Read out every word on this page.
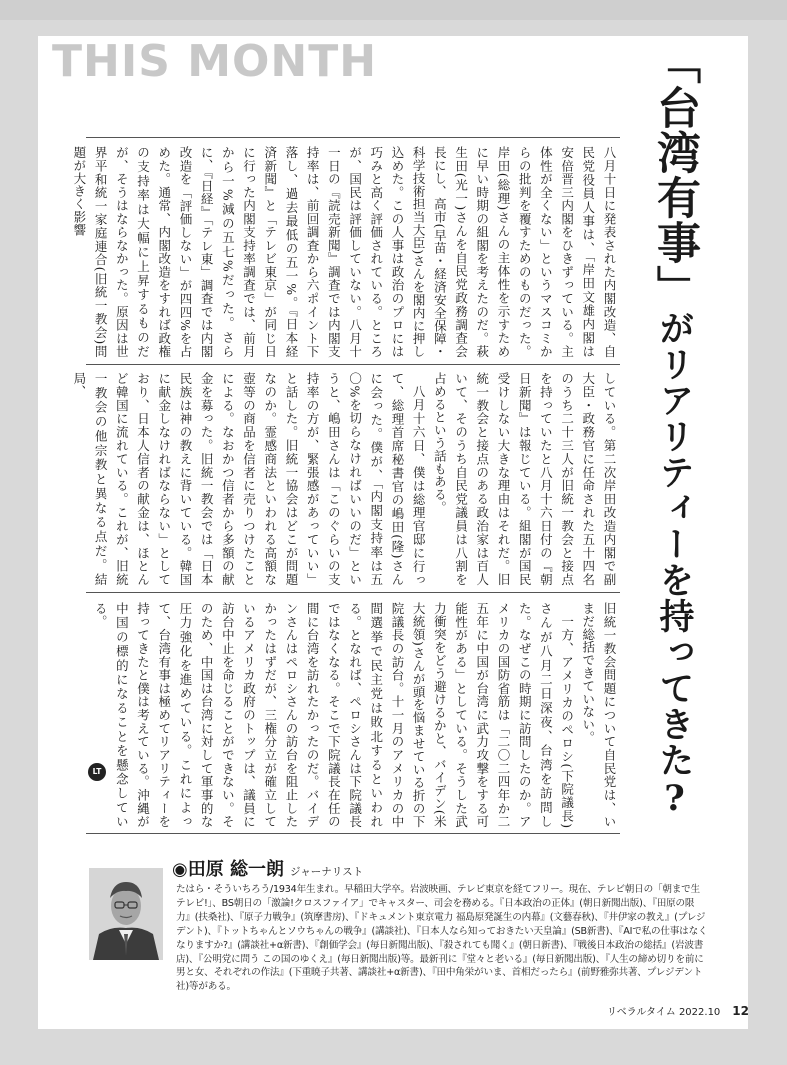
THIS MONTH	「台湾有事」がリアリティーを持ってきた?
八月十日に発表された内閣改造、自民党役員人事は、「岸田文雄内閣は安倍晋三内閣をひきずっている。主体性が全くない」というマスコミからの批判を覆すためのものだった。岸田(総理)さんの主体性を示すために早い時期の組閣を考えたのだ。萩生田(光一)さんを自民党政務調査会長にし、高市(早苗・経済安全保障・科学技術担当大臣)さんを閣内に押し込めた。この人事は政治のプロには巧みと高く評価されている。ところが、国民は評価していない。八月十一日の『読売新聞』調査では内閣支持率は、前回調査から六ポイント下落し、過去最低の五一%。『日本経済新聞』と「テレビ東京」が同じ日に行った内閣支持率調査では、前月から一%減の五七%だった。さらに、『日経』「テレ東」調査では内閣改造を「評価しない」が四四%を占めた。通常、内閣改造をすれば政権の支持率は大幅に上昇するものだが、そうはならなかった。原因は世界平和統一家庭連合(旧統一教会)問題が大きく影響
している。第二次岸田改造内閣で副大臣・政務官に任命された五十四名のうち二十三人が旧統一教会と接点を持っていたと八月十六日付の『朝日新聞』は報じている。組閣が国民受けしない大きな理由はそれだ。旧統一教会と接点のある政治家は百人いて、そのうち自民党議員は八割を占めるという話もある。
八月十六日、僕は総理官邸に行って、総理首席秘書官の嶋田(隆)さんに会った。僕が、「内閣支持率は五〇%を切らなければいいのだ」というと、嶋田さんは「このぐらいの支持率の方が、緊張感があっていい」と話した。旧統一協会はどこが問題なのか。霊感商法といわれる高額な壺等の商品を信者に売りつけたことによる。なおかつ信者から多額の献金を募った。旧統一教会では「日本民族は神の教えに背いている。韓国に献金しなければならない」としており、日本人信者の献金は、ほとんど韓国に流れている。これが、旧統一教会の他宗教と異なる点だ。結局、
旧統一教会問題について自民党は、いまだ総括できていない。
一方、アメリカのペロシ(下院議長)さんが八月二日深夜、台湾を訪問した。なぜこの時期に訪問したのか。アメリカの国防省筋は「二〇二四年か二五年に中国が台湾に武力攻撃をする可能性がある」としている。そうした武力衝突をどう避けるかと、バイデン(米大統領)さんが頭を悩ませている折の下院議長の訪台。十一月のアメリカの中間選挙で民主党は敗北するといわれる。となれば、ペロシさんは下院議長ではなくなる。そこで下院議長在任の間に台湾を訪れたかったのだ。バイデンさんはペロシさんの訪台を阻止したかったはずだが、三権分立が確立しているアメリカ政府のトップは、議員に訪台中止を命じることができない。そのため、中国は台湾に対して軍事的な圧力強化を進めている。これによって、台湾有事は極めてリアリティーを持ってきたと僕は考えている。沖縄が中国の標的になることを懸念している。
LT
◉田原 総一朗 ジャーナリスト
たはら・そういちろう/1934年生まれ。早稲田大学卒。岩波映画、テレビ東京を経てフリー。現在、テレビ朝日の「朝まで生テレビ!」、BS朝日の「激論!クロスファイア」でキャスター、司会を務める。『日本政治の正体』(朝日新聞出版)、『田原の限力』(扶桑社)、『原子力戦争』(筑摩書房)、『ドキュメント東京電力 福島原発誕生の内幕』(文藝春秋)、『井伊家の教え』(プレジデント)、『トットちゃんとソウちゃんの戦争』(講談社)、『日本人なら知っておきたい天皇論』(SB新書)、『AIで私の仕事はなくなりますか?』(講談社+α新書)、『創価学会』(毎日新聞出版)、『殺されても聞く』(朝日新書)、『戦後日本政治の総括』(岩波書店)、『公明党に問う この国のゆくえ』(毎日新聞出版)等。最新刊に『堂々と老いる』(毎日新聞出版)、『人生の締め切りを前に 男と女、それぞれの作法』(下重暁子共著、講談社+α新書)、『田中角栄がいま、首相だったら』(前野雅弥共著、プレジデント社)等がある。
リベラルタイム 2022.10 12
